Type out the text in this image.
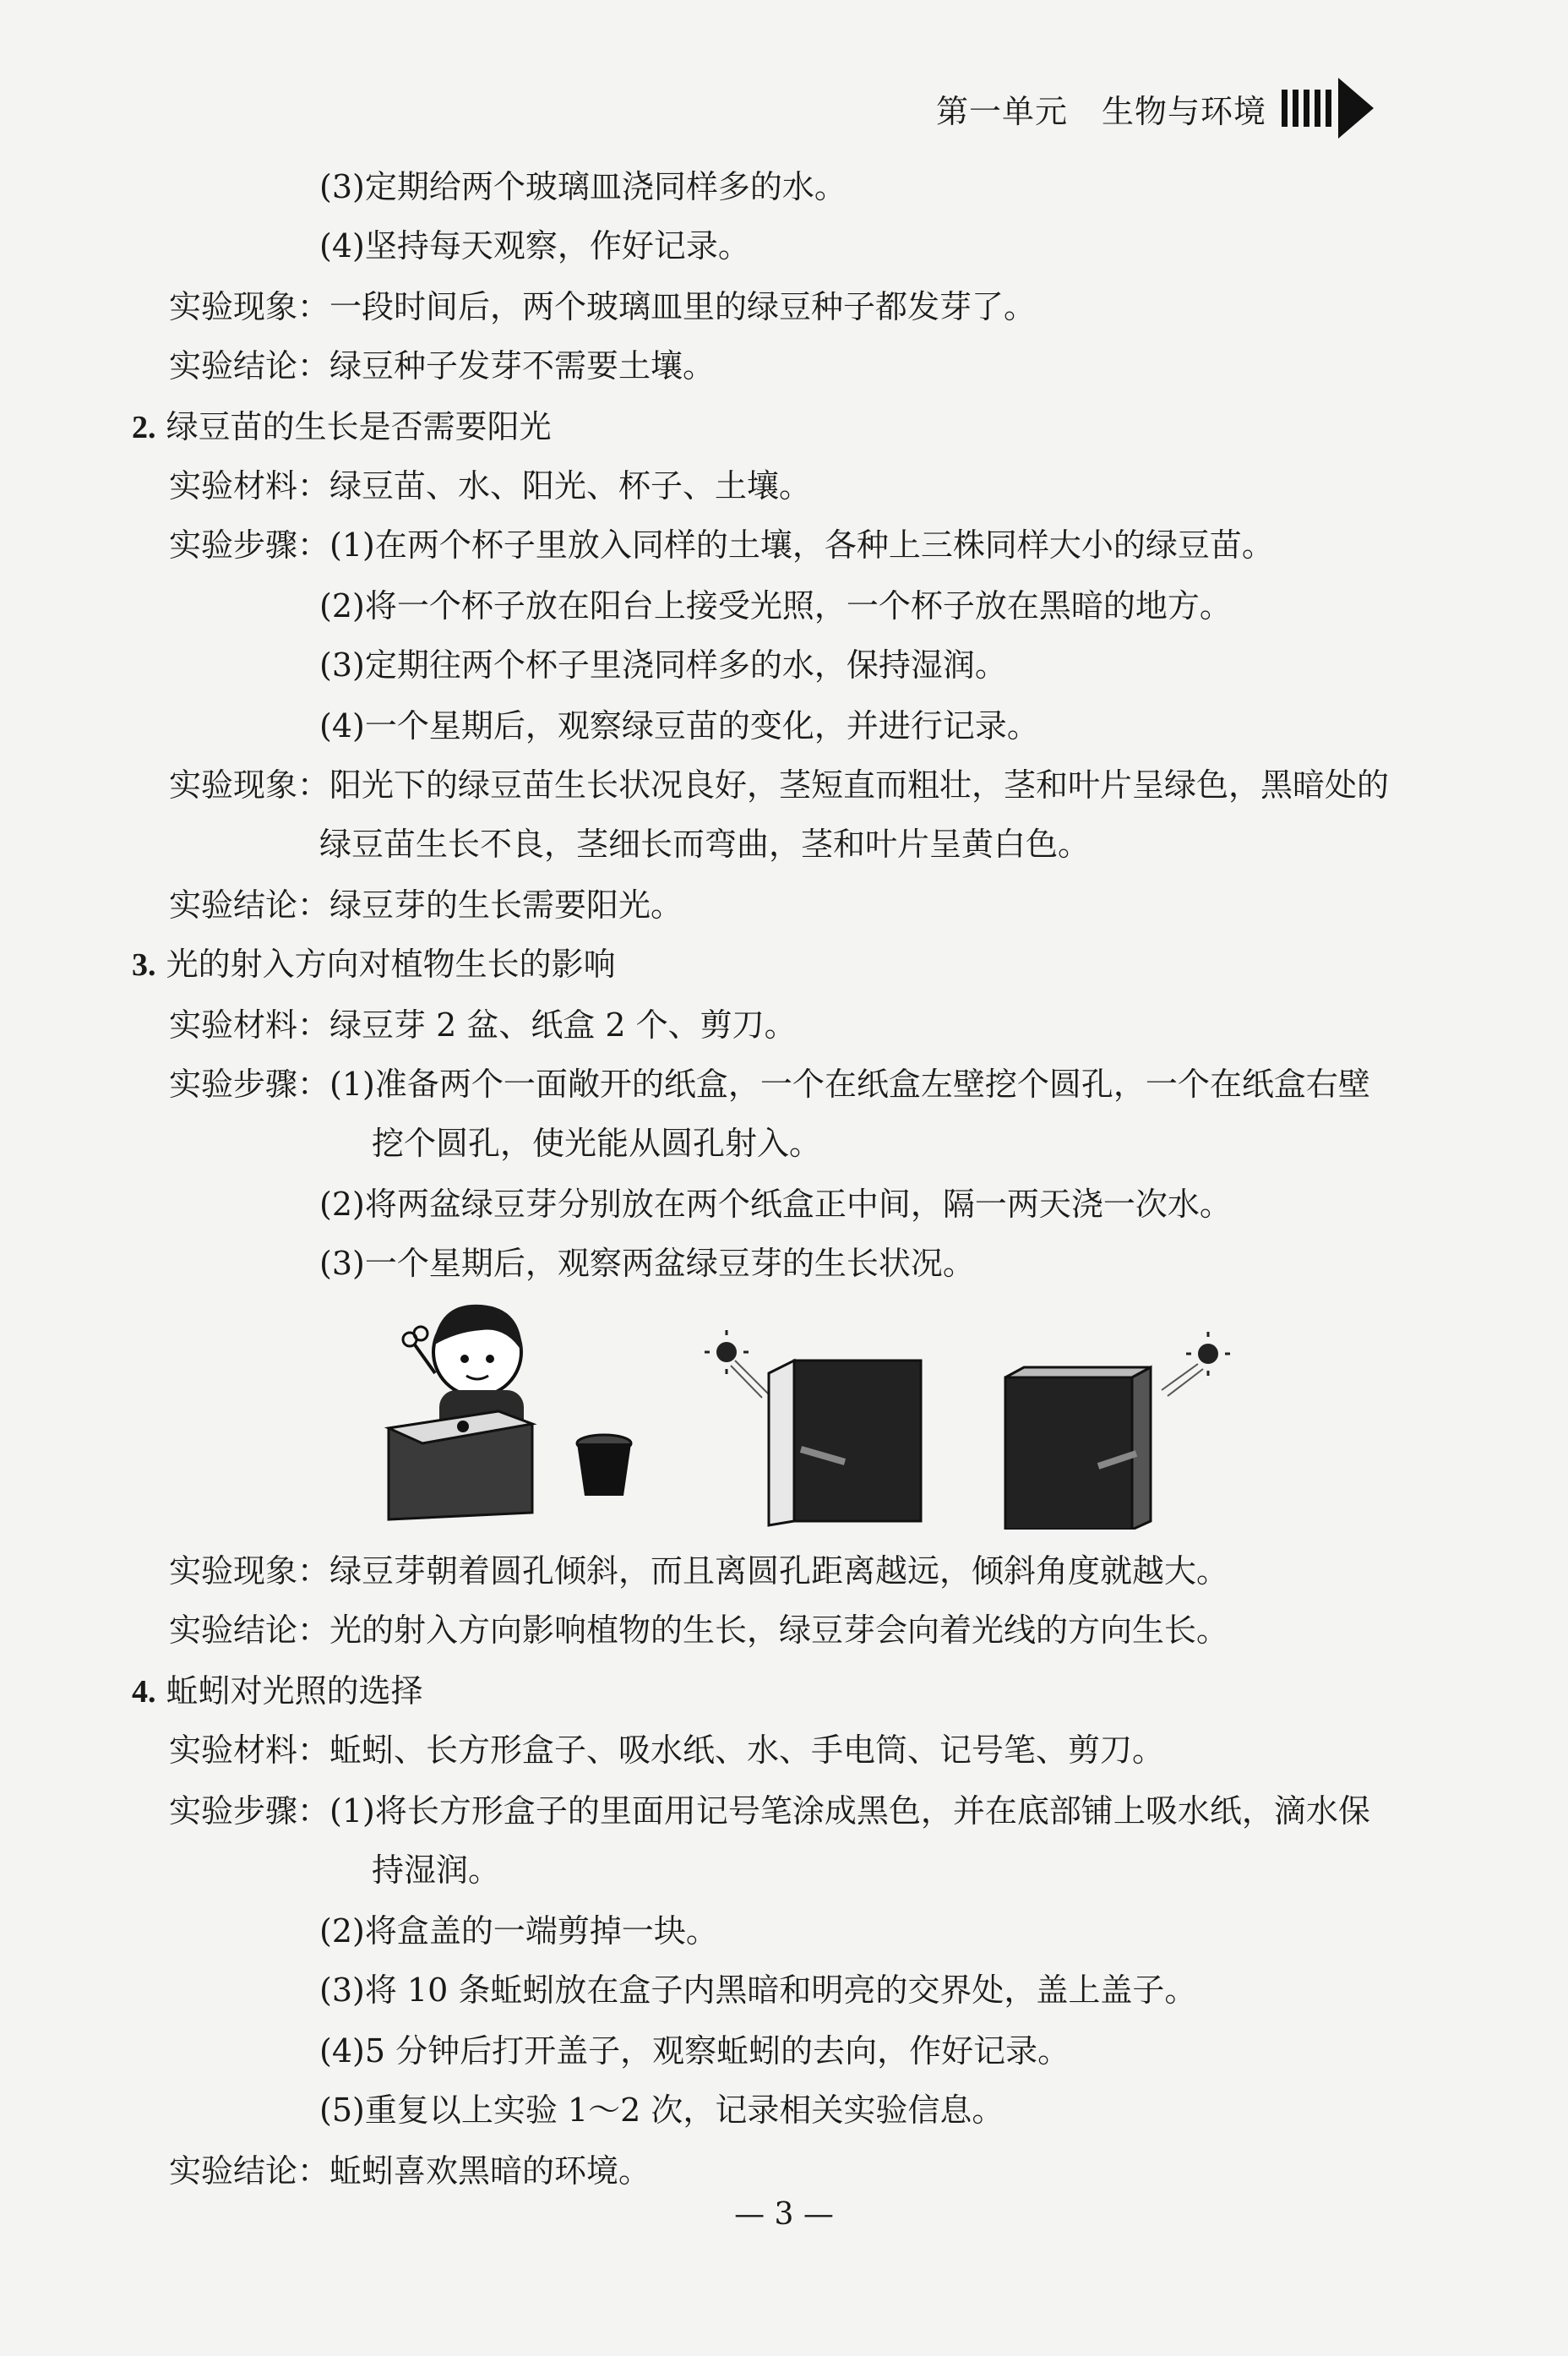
第一单元 生物与环境
(3)定期给两个玻璃皿浇同样多的水。
(4)坚持每天观察，作好记录。
实验现象：一段时间后，两个玻璃皿里的绿豆种子都发芽了。
实验结论：绿豆种子发芽不需要土壤。
2. 绿豆苗的生长是否需要阳光
实验材料：绿豆苗、水、阳光、杯子、土壤。
实验步骤：(1)在两个杯子里放入同样的土壤，各种上三株同样大小的绿豆苗。
(2)将一个杯子放在阳台上接受光照，一个杯子放在黑暗的地方。
(3)定期往两个杯子里浇同样多的水，保持湿润。
(4)一个星期后，观察绿豆苗的变化，并进行记录。
实验现象：阳光下的绿豆苗生长状况良好，茎短直而粗壮，茎和叶片呈绿色，黑暗处的
绿豆苗生长不良，茎细长而弯曲，茎和叶片呈黄白色。
实验结论：绿豆芽的生长需要阳光。
3. 光的射入方向对植物生长的影响
实验材料：绿豆芽 2 盆、纸盒 2 个、剪刀。
实验步骤：(1)准备两个一面敞开的纸盒，一个在纸盒左壁挖个圆孔，一个在纸盒右壁
挖个圆孔，使光能从圆孔射入。
(2)将两盆绿豆芽分别放在两个纸盒正中间，隔一两天浇一次水。
(3)一个星期后，观察两盆绿豆芽的生长状况。
实验现象：绿豆芽朝着圆孔倾斜，而且离圆孔距离越远，倾斜角度就越大。
实验结论：光的射入方向影响植物的生长，绿豆芽会向着光线的方向生长。
4. 蚯蚓对光照的选择
实验材料：蚯蚓、长方形盒子、吸水纸、水、手电筒、记号笔、剪刀。
实验步骤：(1)将长方形盒子的里面用记号笔涂成黑色，并在底部铺上吸水纸，滴水保
持湿润。
(2)将盒盖的一端剪掉一块。
(3)将 10 条蚯蚓放在盒子内黑暗和明亮的交界处，盖上盖子。
(4)5 分钟后打开盖子，观察蚯蚓的去向，作好记录。
(5)重复以上实验 1～2 次，记录相关实验信息。
实验结论：蚯蚓喜欢黑暗的环境。
— 3 —
